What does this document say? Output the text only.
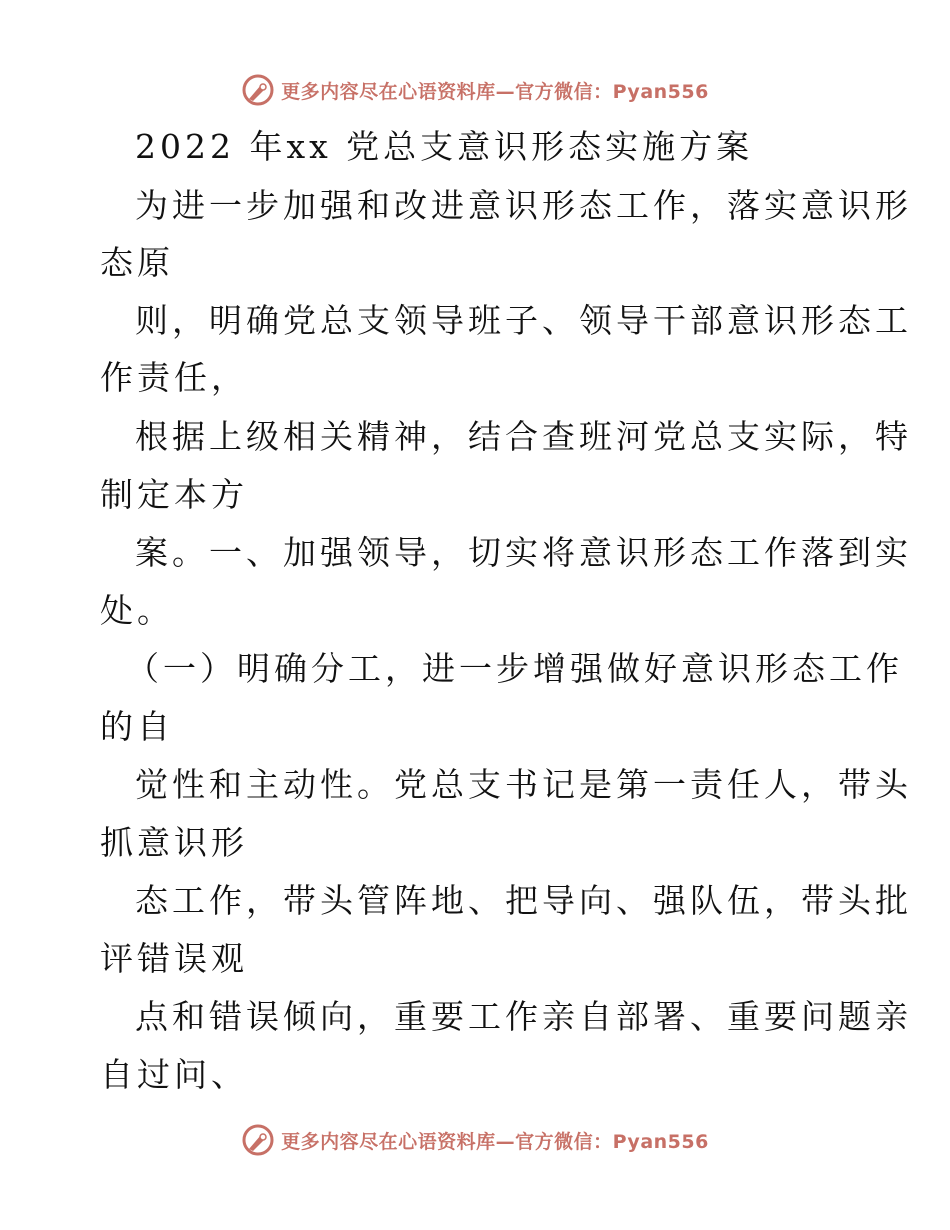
更多内容尽在心语资料库—官方微信：Pyan556
2022 年xx 党总支意识形态实施方案
为进一步加强和改进意识形态工作，落实意识形
态原
则，明确党总支领导班子、领导干部意识形态工
作责任，
根据上级相关精神，结合查班河党总支实际，特
制定本方
案。一、加强领导，切实将意识形态工作落到实
处。
（一）明确分工，进一步增强做好意识形态工作
的自
觉性和主动性。党总支书记是第一责任人，带头
抓意识形
态工作，带头管阵地、把导向、强队伍，带头批
评错误观
点和错误倾向，重要工作亲自部署、重要问题亲
自过问、
更多内容尽在心语资料库—官方微信：Pyan556
